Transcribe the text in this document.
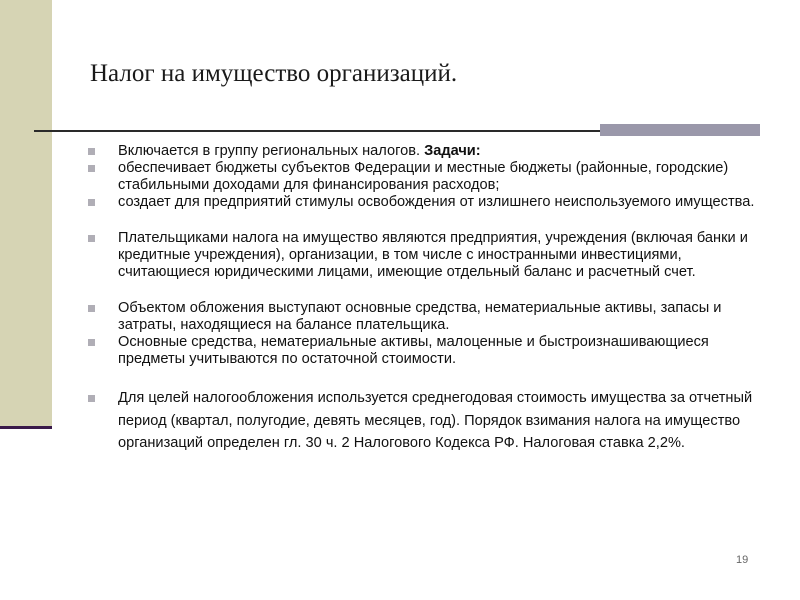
Налог на имущество организаций.
Включается в группу региональных налогов. Задачи:
обеспечивает бюджеты субъектов Федерации и местные бюджеты (районные, городские) стабильными доходами для финансирования расходов;
создает для предприятий стимулы освобождения от излишнего неиспользуемого имущества.
Плательщиками налога на имущество являются предприятия, учреждения (включая банки и кредитные учреждения), организации, в том числе с иностранными инвестициями, считающиеся юридическими лицами, имеющие отдельный баланс и расчетный счет.
Объектом обложения выступают основные средства, нематериальные активы, запасы и затраты, находящиеся на балансе плательщика.
Основные средства, нематериальные активы, малоценные и быстроизнашивающиеся предметы учитываются по остаточной стоимости.
Для целей налогообложения используется среднегодовая стоимость имущества за отчетный период (квартал, полугодие, девять месяцев, год). Порядок взимания налога на имущество организаций определен гл. 30 ч. 2 Налогового Кодекса РФ. Налоговая ставка 2,2%.
19
